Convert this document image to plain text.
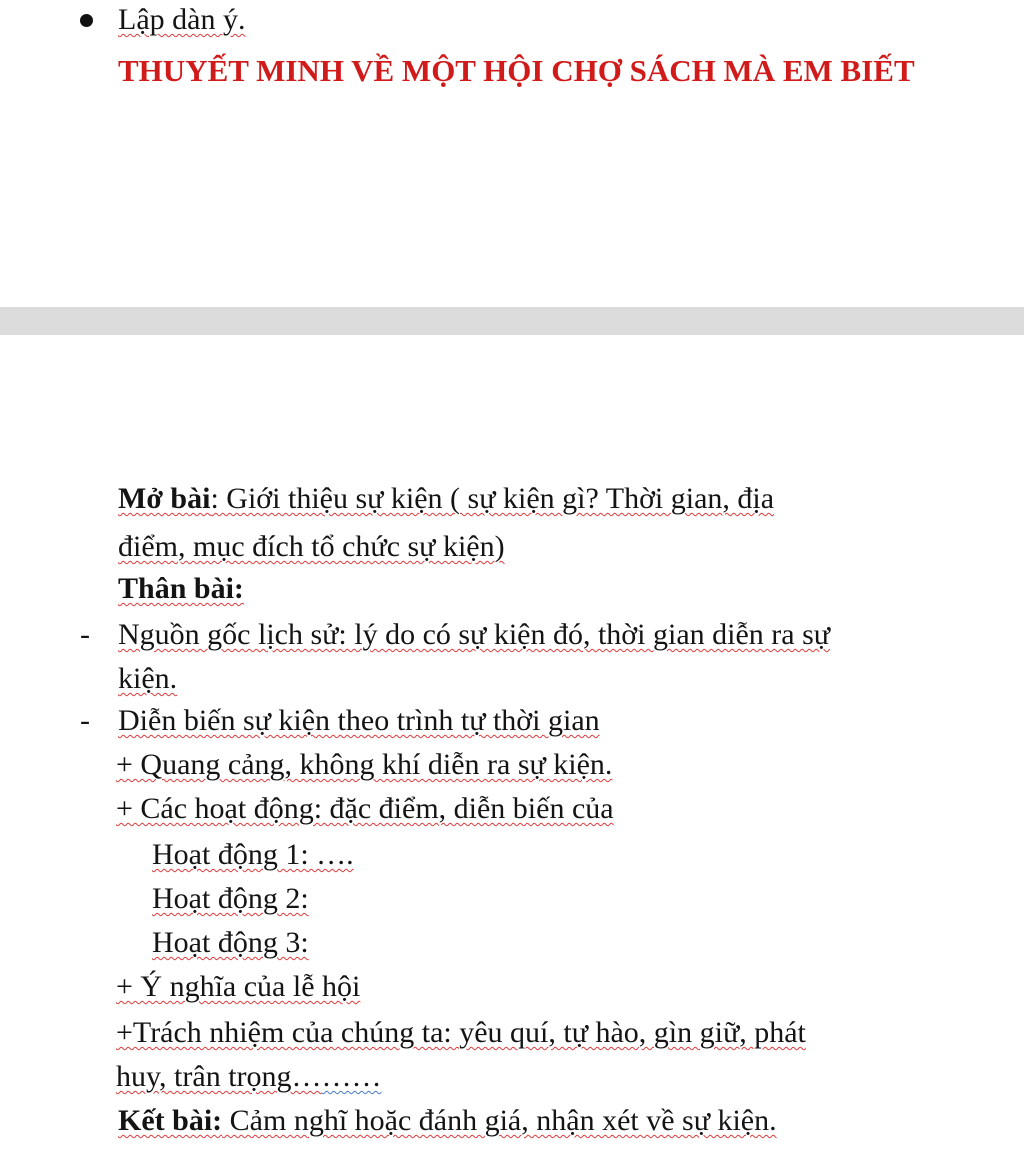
Lập dàn ý.
THUYẾT MINH VỀ MỘT HỘI CHỢ SÁCH MÀ EM BIẾT
Mở bài: Giới thiệu sự kiện ( sự kiện gì? Thời gian, địa
điểm, mục đích tổ chức sự kiện)
Thân bài:
- Nguồn gốc lịch sử: lý do có sự kiện đó, thời gian diễn ra sự
kiện.
- Diễn biến sự kiện theo trình tự thời gian
+ Quang cảng, không khí diễn ra sự kiện.
+ Các hoạt động: đặc điểm, diễn biến của
Hoạt động 1: ….
Hoạt động 2:
Hoạt động 3:
+ Ý nghĩa của lễ hội
+Trách nhiệm của chúng ta: yêu quí, tự hào, gìn giữ, phát
huy, trân trọng………
Kết bài: Cảm nghĩ hoặc đánh giá, nhận xét về sự kiện.
